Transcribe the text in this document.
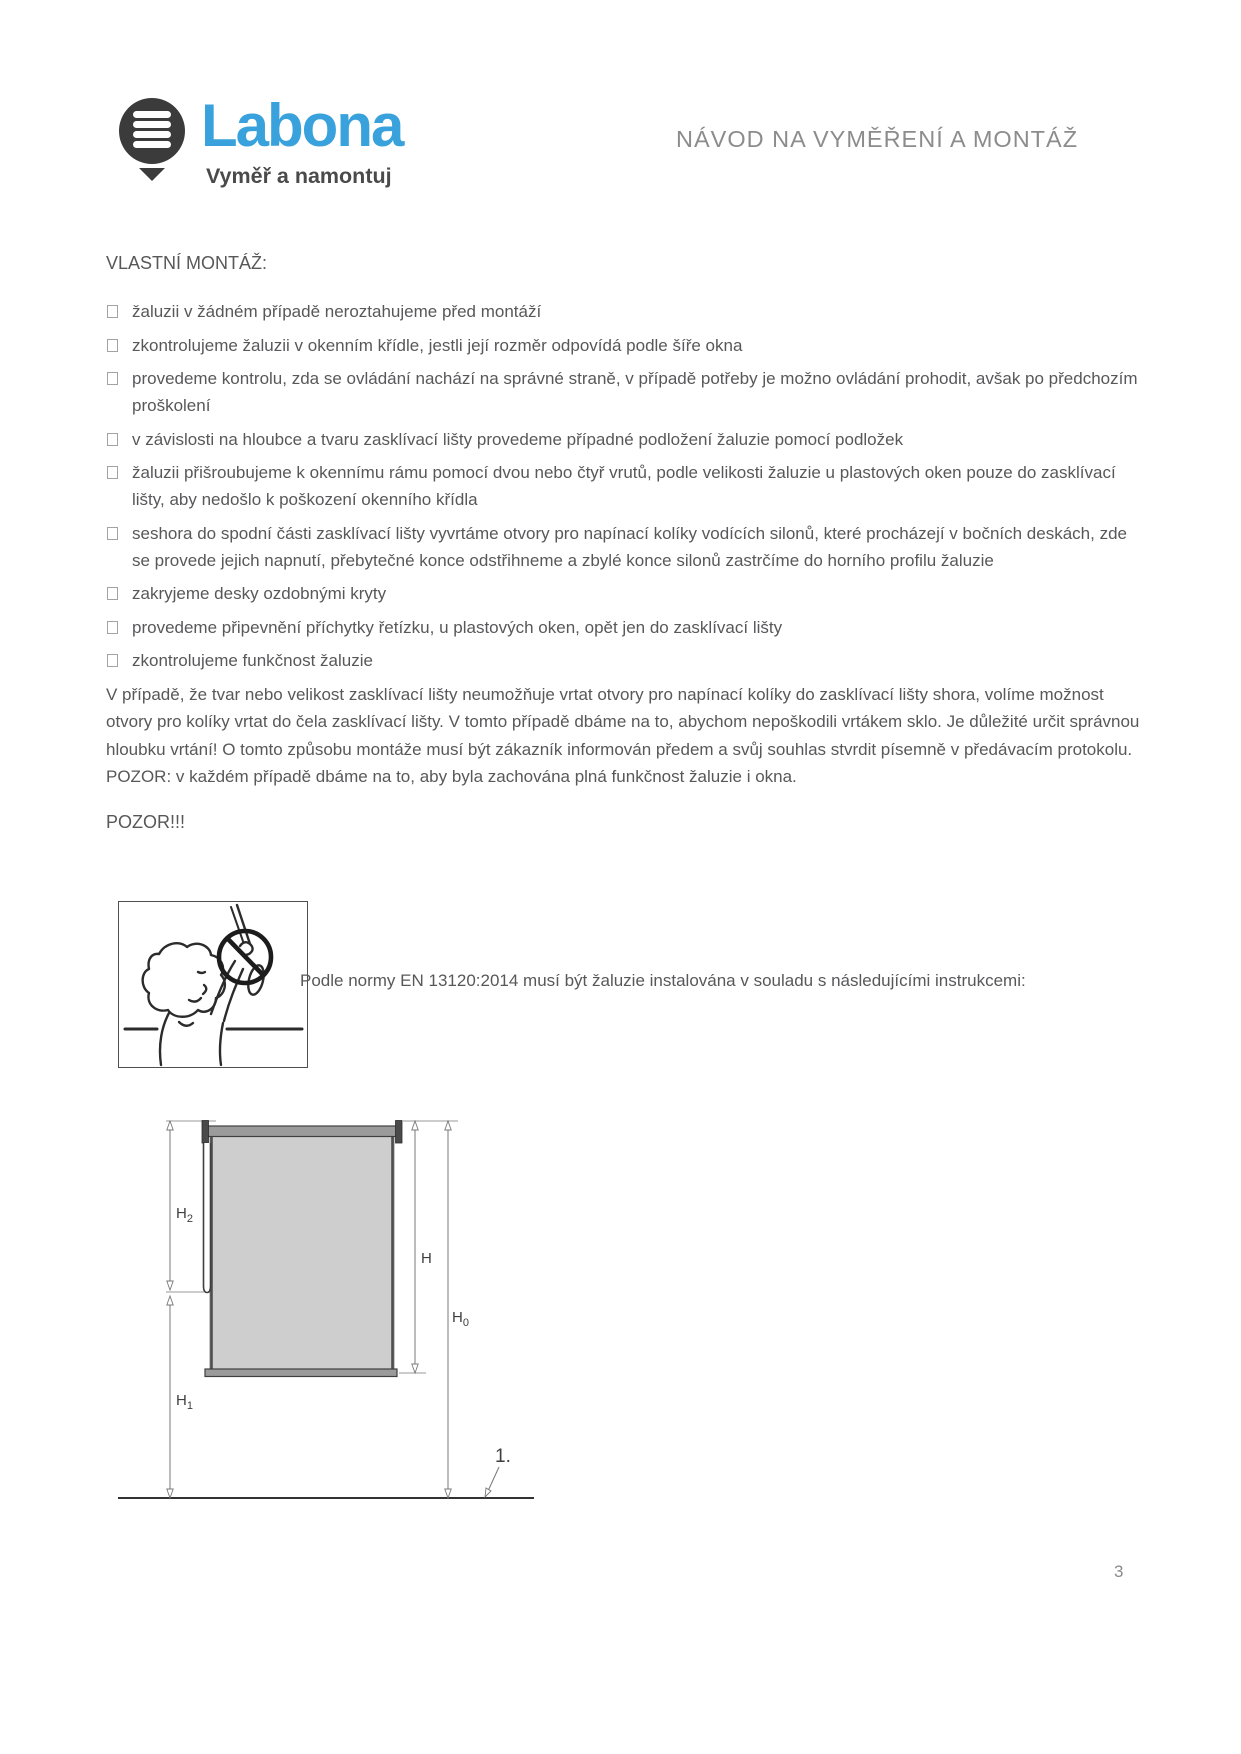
Labona
Vyměř a namontuj
NÁVOD NA VYMĚŘENÍ A MONTÁŽ
VLASTNÍ MONTÁŽ:
žaluzii v žádném případě neroztahujeme před montáží
zkontrolujeme žaluzii v okenním křídle, jestli její rozměr odpovídá podle šíře okna
provedeme kontrolu, zda se ovládání nachází na správné straně, v případě potřeby je možno ovládání prohodit, avšak po předchozím proškolení
v závislosti na hloubce a tvaru zasklívací lišty provedeme případné podložení žaluzie pomocí podložek
žaluzii přišroubujeme k okennímu rámu pomocí dvou nebo čtyř vrutů, podle velikosti žaluzie u plastových oken pouze do zasklívací lišty, aby nedošlo k poškození okenního křídla
seshora do spodní části zasklívací lišty vyvrtáme otvory pro napínací kolíky vodících silonů, které procházejí v bočních deskách, zde se provede jejich napnutí, přebytečné konce odstřihneme a zbylé konce silonů zastrčíme do horního profilu žaluzie
zakryjeme desky ozdobnými kryty
provedeme připevnění příchytky řetízku, u plastových oken, opět jen do zasklívací lišty
zkontrolujeme funkčnost žaluzie

V případě, že tvar nebo velikost zasklívací lišty neumožňuje vrtat otvory pro napínací kolíky do zasklívací lišty shora, volíme možnost otvory pro kolíky vrtat do čela zasklívací lišty. V tomto případě dbáme na to, abychom nepoškodili vrtákem sklo. Je důležité určit správnou hloubku vrtání! O tomto způsobu montáže musí být zákazník informován předem a svůj souhlas stvrdit písemně v předávacím protokolu. POZOR: v každém případě dbáme na to, aby byla zachována plná funkčnost žaluzie i okna.

POZOR!!!
Podle normy EN 13120:2014 musí být žaluzie instalována v souladu s následujícími instrukcemi:
$H_2$
$H_1$
H
$H_0$
1.
3
